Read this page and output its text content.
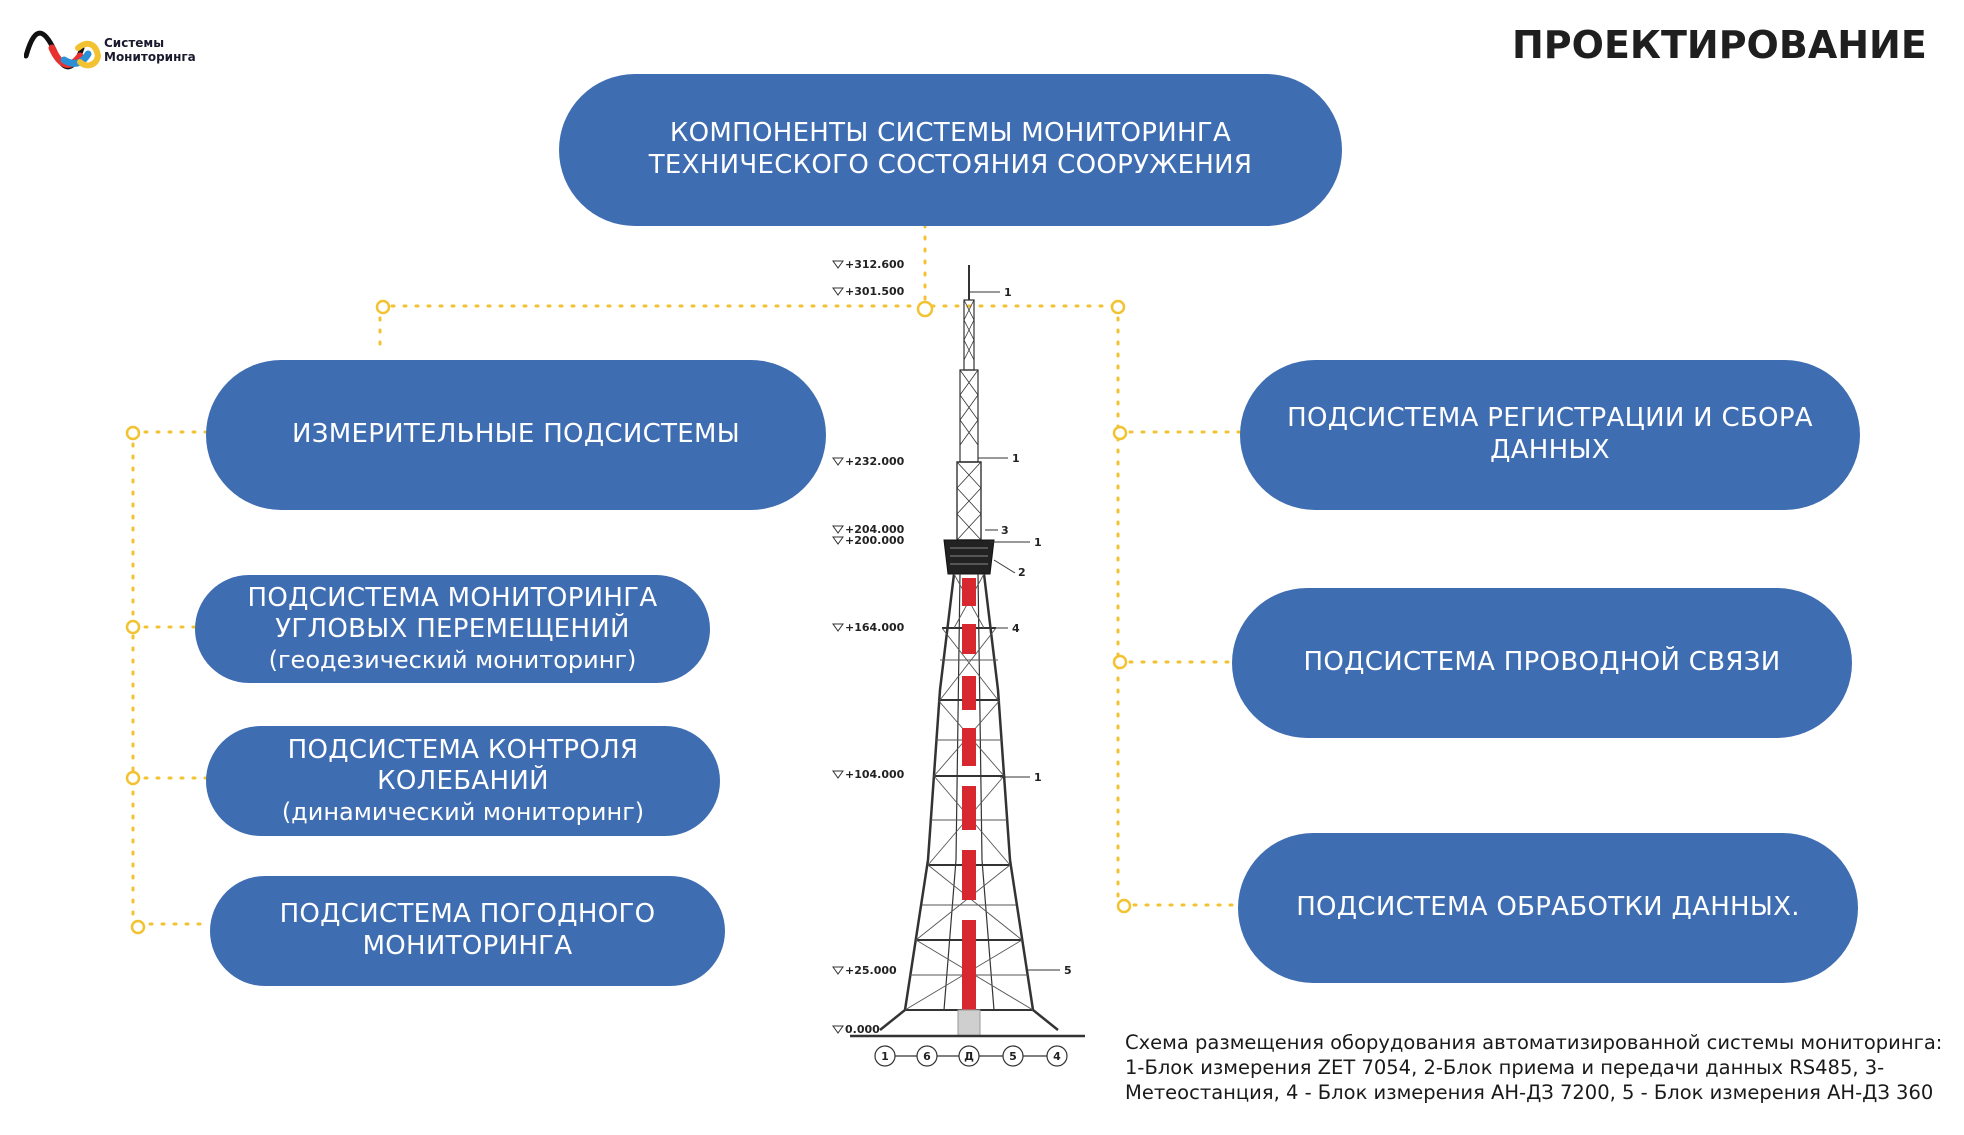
Системы
Мониторинга	ПРОЕКТИРОВАНИЕ
+312.600
+301.500
+232.000
+204.000
+200.000
+164.000
+104.000
+25.000
0.000
1
1
3
1
2
4
1
5
1	6	Д	5	4
КОМПОНЕНТЫ СИСТЕМЫ МОНИТОРИНГА ТЕХНИЧЕСКОГО СОСТОЯНИЯ СООРУЖЕНИЯ
ИЗМЕРИТЕЛЬНЫЕ ПОДСИСТЕМЫ
ПОДСИСТЕМА МОНИТОРИНГА УГЛОВЫХ ПЕРЕМЕЩЕНИЙ
(геодезический мониторинг)
ПОДСИСТЕМА КОНТРОЛЯ КОЛЕБАНИЙ
(динамический мониторинг)
ПОДСИСТЕМА ПОГОДНОГО МОНИТОРИНГА
ПОДСИСТЕМА РЕГИСТРАЦИИ И СБОРА ДАННЫХ
ПОДСИСТЕМА ПРОВОДНОЙ СВЯЗИ
ПОДСИСТЕМА ОБРАБОТКИ ДАННЫХ.
Схема размещения оборудования автоматизированной системы мониторинга: 1-Блок измерения ZET 7054, 2-Блок приема и передачи данных RS485, 3-Метеостанция, 4 - Блок измерения АН-ДЗ 7200, 5 - Блок измерения АН-ДЗ 360
